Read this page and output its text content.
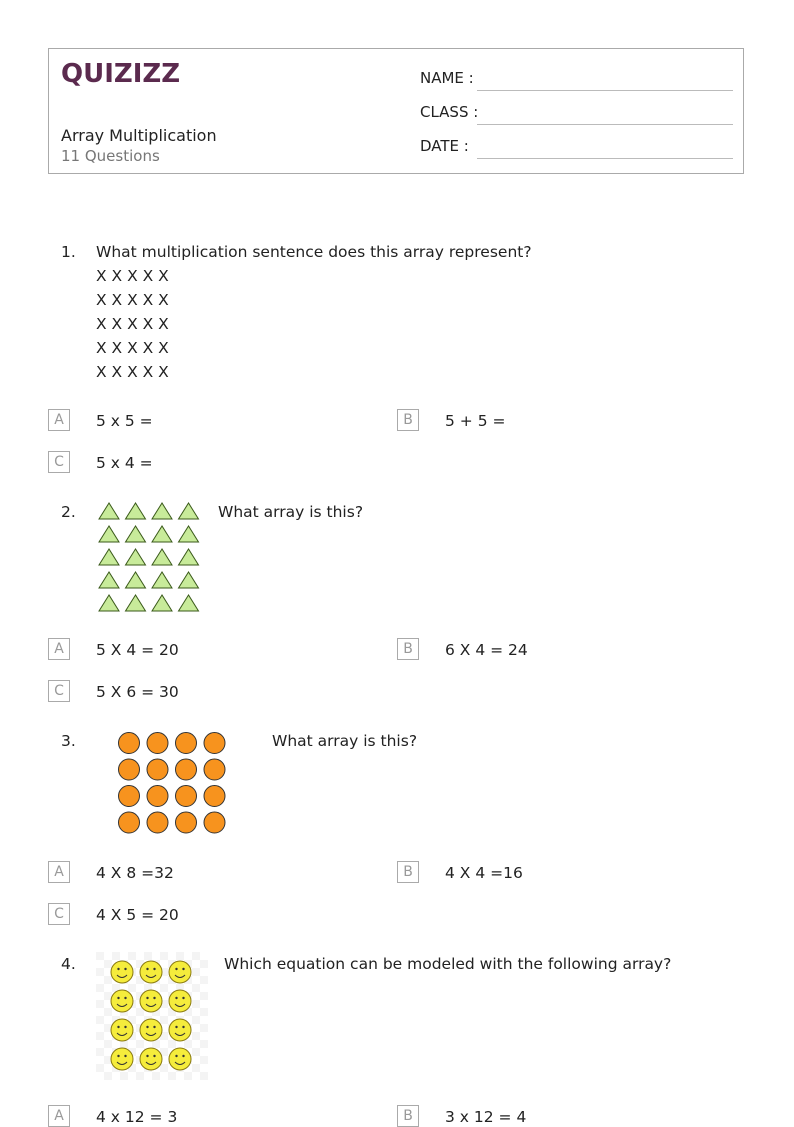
QUIZIZZ
Array Multiplication
11 Questions
NAME :
CLASS :
DATE :
1. What multiplication sentence does this array represent?
X X X X X
X X X X X
X X X X X
X X X X X
X X X X X
A	5 x 5 =	B	5 + 5 =
C	5 x 4 =
2.	What array is this?
A	5 X 4 = 20	B	6 X 4 = 24
C	5 X 6 = 30
3.	What array is this?
A	4 X 8 =32	B	4 X 4 =16
C	4 X 5 = 20
4.	Which equation can be modeled with the following array?
A	4 x 12 = 3	B	3 x 12 = 4
